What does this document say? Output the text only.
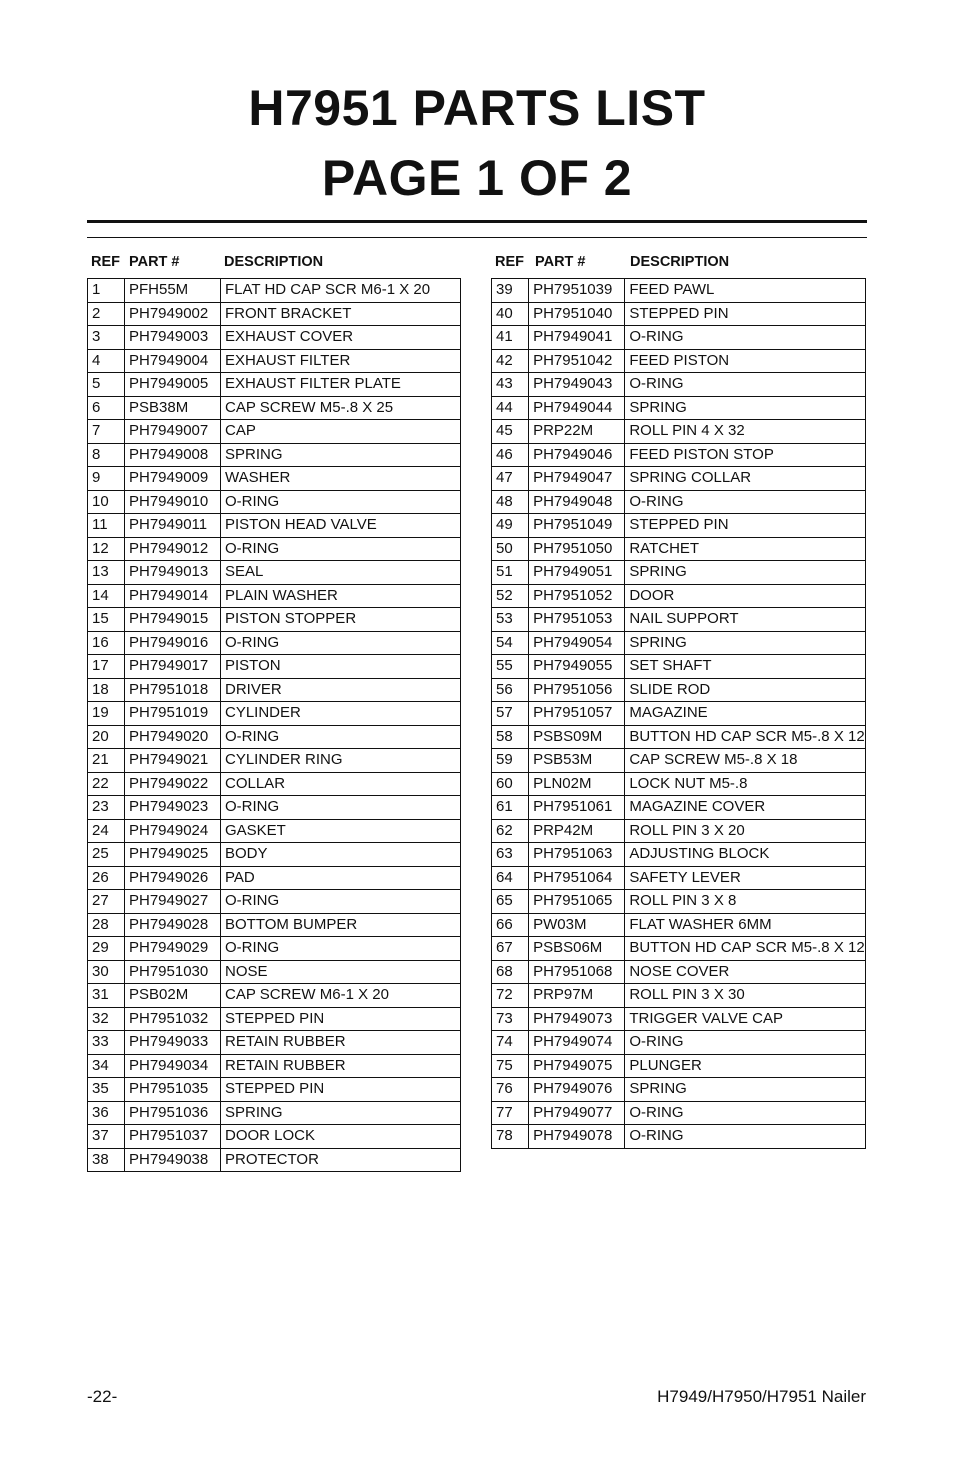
H7951 PARTS LIST
PAGE 1 OF 2
REF PART #	DESCRIPTION	REF PART #	DESCRIPTION
1	PFH55M	FLAT HD CAP SCR M6-1 X 20
2	PH7949002	FRONT BRACKET
3	PH7949003	EXHAUST COVER
4	PH7949004	EXHAUST FILTER
5	PH7949005	EXHAUST FILTER PLATE
6	PSB38M	CAP SCREW M5-.8 X 25
7	PH7949007	CAP
8	PH7949008	SPRING
9	PH7949009	WASHER
10	PH7949010	O-RING
11	PH7949011	PISTON HEAD VALVE
12	PH7949012	O-RING
13	PH7949013	SEAL
14	PH7949014	PLAIN WASHER
15	PH7949015	PISTON STOPPER
16	PH7949016	O-RING
17	PH7949017	PISTON
18	PH7951018	DRIVER
19	PH7951019	CYLINDER
20	PH7949020	O-RING
21	PH7949021	CYLINDER RING
22	PH7949022	COLLAR
23	PH7949023	O-RING
24	PH7949024	GASKET
25	PH7949025	BODY
26	PH7949026	PAD
27	PH7949027	O-RING
28	PH7949028	BOTTOM BUMPER
29	PH7949029	O-RING
30	PH7951030	NOSE
31	PSB02M	CAP SCREW M6-1 X 20
32	PH7951032	STEPPED PIN
33	PH7949033	RETAIN RUBBER
34	PH7949034	RETAIN RUBBER
35	PH7951035	STEPPED PIN
36	PH7951036	SPRING
37	PH7951037	DOOR LOCK
38	PH7949038	PROTECTOR
39	PH7951039	FEED PAWL
40	PH7951040	STEPPED PIN
41	PH7949041	O-RING
42	PH7951042	FEED PISTON
43	PH7949043	O-RING
44	PH7949044	SPRING
45	PRP22M	ROLL PIN 4 X 32
46	PH7949046	FEED PISTON STOP
47	PH7949047	SPRING COLLAR
48	PH7949048	O-RING
49	PH7951049	STEPPED PIN
50	PH7951050	RATCHET
51	PH7949051	SPRING
52	PH7951052	DOOR
53	PH7951053	NAIL SUPPORT
54	PH7949054	SPRING
55	PH7949055	SET SHAFT
56	PH7951056	SLIDE ROD
57	PH7951057	MAGAZINE
58	PSBS09M	BUTTON HD CAP SCR M5-.8 X 12
59	PSB53M	CAP SCREW M5-.8 X 18
60	PLN02M	LOCK NUT M5-.8
61	PH7951061	MAGAZINE COVER
62	PRP42M	ROLL PIN 3 X 20
63	PH7951063	ADJUSTING BLOCK
64	PH7951064	SAFETY LEVER
65	PH7951065	ROLL PIN 3 X 8
66	PW03M	FLAT WASHER 6MM
67	PSBS06M	BUTTON HD CAP SCR M5-.8 X 12
68	PH7951068	NOSE COVER
72	PRP97M	ROLL PIN 3 X 30
73	PH7949073	TRIGGER VALVE CAP
74	PH7949074	O-RING
75	PH7949075	PLUNGER
76	PH7949076	SPRING
77	PH7949077	O-RING
78	PH7949078	O-RING
-22-	H7949/H7950/H7951 Nailer
